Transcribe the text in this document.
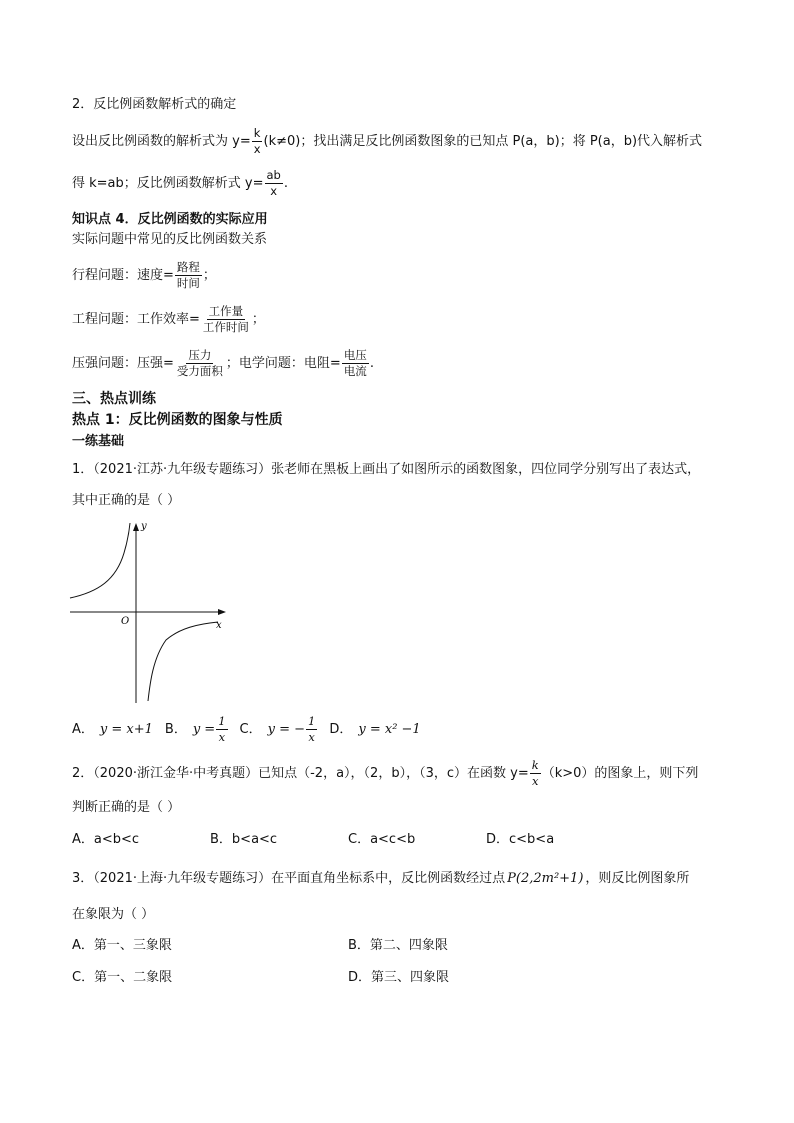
2．反比例函数解析式的确定
设出反比例函数的解析式为 $y= \frac{k}{x} (k\ne 0)$；找出满足反比例函数图象的已知点 P(a，b)；将 P(a，b)代入解析式
得 k=ab；反比例函数解析式 $y= \frac{ab}{x}$ .
知识点 4．反比例函数的实际应用
实际问题中常见的反比例函数关系
行程问题：速度= $\frac{\text{路程}}{\text{时间}}$ ；
工程问题：工作效率= $\frac{\text{工作量}}{\text{工作时间}}$ ；
压强问题：压强= $\frac{\text{压力}}{\text{受力面积}}$ ；电学问题：电阻= $\frac{\text{电压}}{\text{电流}}$ .
三、热点训练
热点 1：反比例函数的图象与性质
一练基础
1．（2021·江苏·九年级专题练习）张老师在黑板上画出了如图所示的函数图象，四位同学分别写出了表达式，
其中正确的是（ ）
y
x
O
A． y = x+1 B． $y = \frac{1}{x}$ C． y = − $\frac{1}{x}$ D． y = x² −1
2．（2020·浙江金华·中考真题）已知点（-2，a），（2，b），（3，c）在函数 $y= \frac{k}{x} (k>0)$的图象上，则下列
判断正确的是（ ）
A．a<b<c	B．b<a<c	C．a<c<b	D．c<b<a
3．（2021·上海·九年级专题练习）在平面直角坐标系中，反比例函数经过点 P(2,2m²+1) ，则反比例图象所
在象限为（ ）
A．第一、三象限	B．第二、四象限
C．第一、二象限	D．第三、四象限
